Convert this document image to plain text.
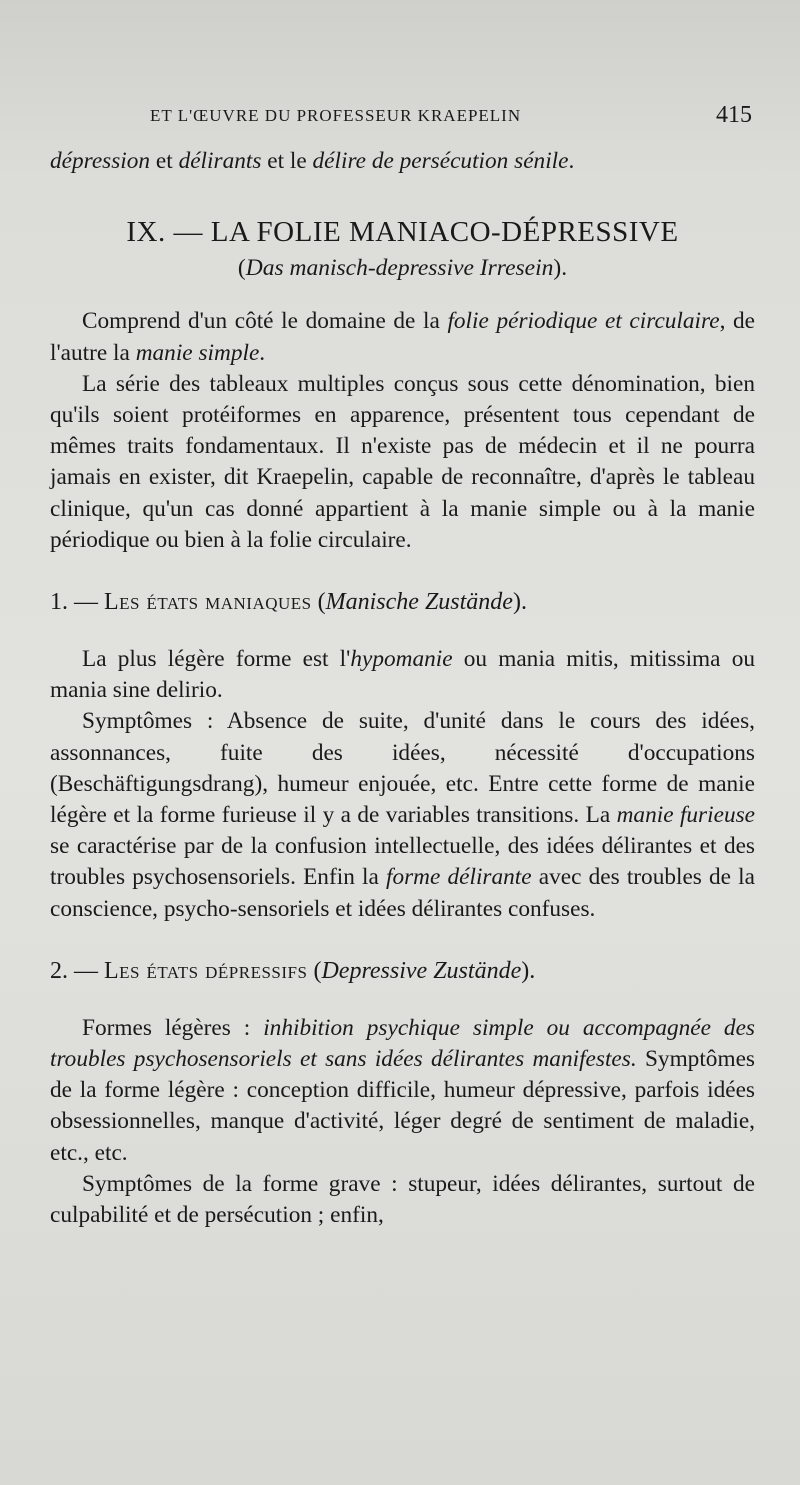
ET L'ŒUVRE DU PROFESSEUR KRAEPELIN	415

dépression et délirants et le délire de persécution sénile.

IX. — LA FOLIE MANIACO-DÉPRESSIVE
(Das manisch-depressive Irresein).

Comprend d'un côté le domaine de la folie périodique et circulaire, de l'autre la manie simple.

La série des tableaux multiples conçus sous cette dénomination, bien qu'ils soient protéiformes en apparence, présentent tous cependant de mêmes traits fondamentaux. Il n'existe pas de médecin et il ne pourra jamais en exister, dit Kraepelin, capable de reconnaître, d'après le tableau clinique, qu'un cas donné appartient à la manie simple ou à la manie périodique ou bien à la folie circulaire.

1. — Les états maniaques (Manische Zustände).

La plus légère forme est l'hypomanie ou mania mitis, mitissima ou mania sine delirio.

Symptômes : Absence de suite, d'unité dans le cours des idées, assonnances, fuite des idées, nécessité d'occupations (Beschäftigungsdrang), humeur enjouée, etc. Entre cette forme de manie légère et la forme furieuse il y a de variables transitions. La manie furieuse se caractérise par de la confusion intellectuelle, des idées délirantes et des troubles psychosensoriels. Enfin la forme délirante avec des troubles de la conscience, psycho-sensoriels et idées délirantes confuses.

2. — Les états dépressifs (Depressive Zustände).

Formes légères : inhibition psychique simple ou accompagnée des troubles psychosensoriels et sans idées délirantes manifestes. Symptômes de la forme légère : conception difficile, humeur dépressive, parfois idées obsessionnelles, manque d'activité, léger degré de sentiment de maladie, etc., etc.

Symptômes de la forme grave : stupeur, idées délirantes, surtout de culpabilité et de persécution ; enfin,
